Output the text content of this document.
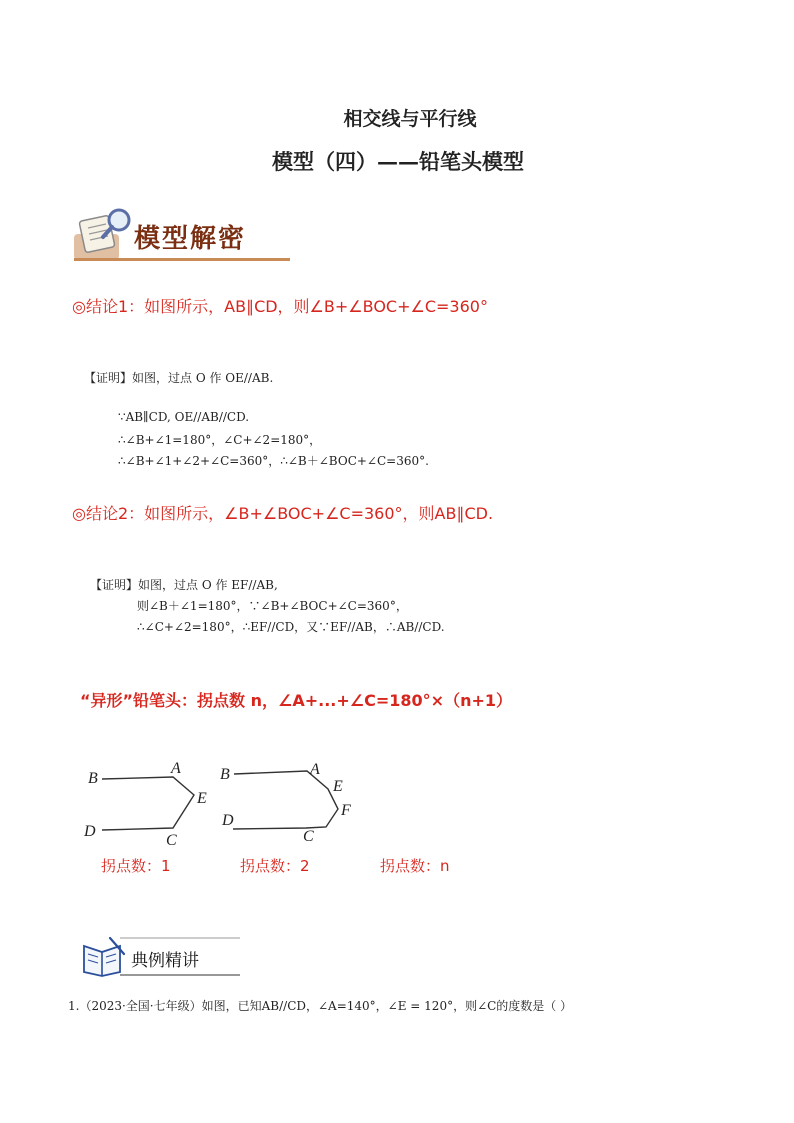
相交线与平行线
模型（四）——铅笔头模型
模型解密
◎结论1：如图所示，AB∥CD，则∠B+∠BOC+∠C=360°
【证明】如图，过点 O 作 OE//AB.
∵AB∥CD, OE//AB//CD.
∴∠B+∠1=180°，∠C+∠2=180°，
∴∠B+∠1+∠2+∠C=360°，∴∠B＋∠BOC+∠C=360°.
◎结论2：如图所示，∠B+∠BOC+∠C=360°，则AB∥CD.
【证明】如图，过点 O 作 EF//AB,
则∠B＋∠1=180°，∵∠B+∠BOC+∠C=360°，
∴∠C+∠2=180°，∴EF//CD，又∵EF//AB，∴AB//CD.
“异形”铅笔头：拐点数 n，∠A+...+∠C=180°×（n+1）
B
A
E
D
C
B	A
E
F
D
C
拐点数：1	拐点数：2	拐点数：n
典例精讲
1.（2023·全国·七年级）如图，已知AB//CD，∠A=140°，∠E = 120°，则∠C的度数是（ ）
